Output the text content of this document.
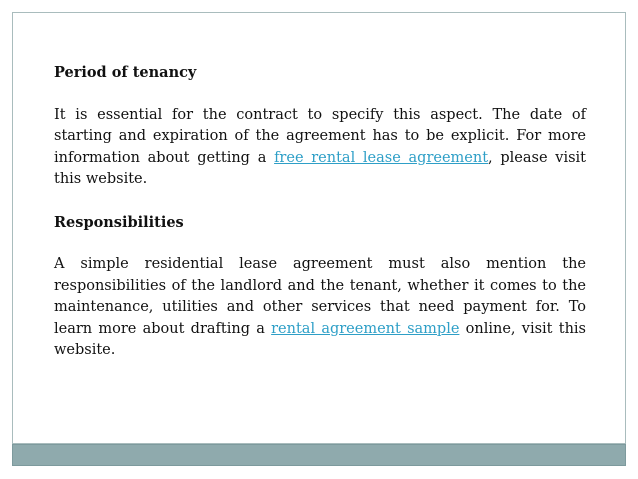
Period of tenancy

It is essential for the contract to specify this aspect. The date of starting and expiration of the agreement has to be explicit. For more information about getting a free rental lease agreement, please visit this website.

Responsibilities

A simple residential lease agreement must also mention the responsibilities of the landlord and the tenant, whether it comes to the maintenance, utilities and other services that need payment for. To learn more about drafting a rental agreement sample online, visit this website.
